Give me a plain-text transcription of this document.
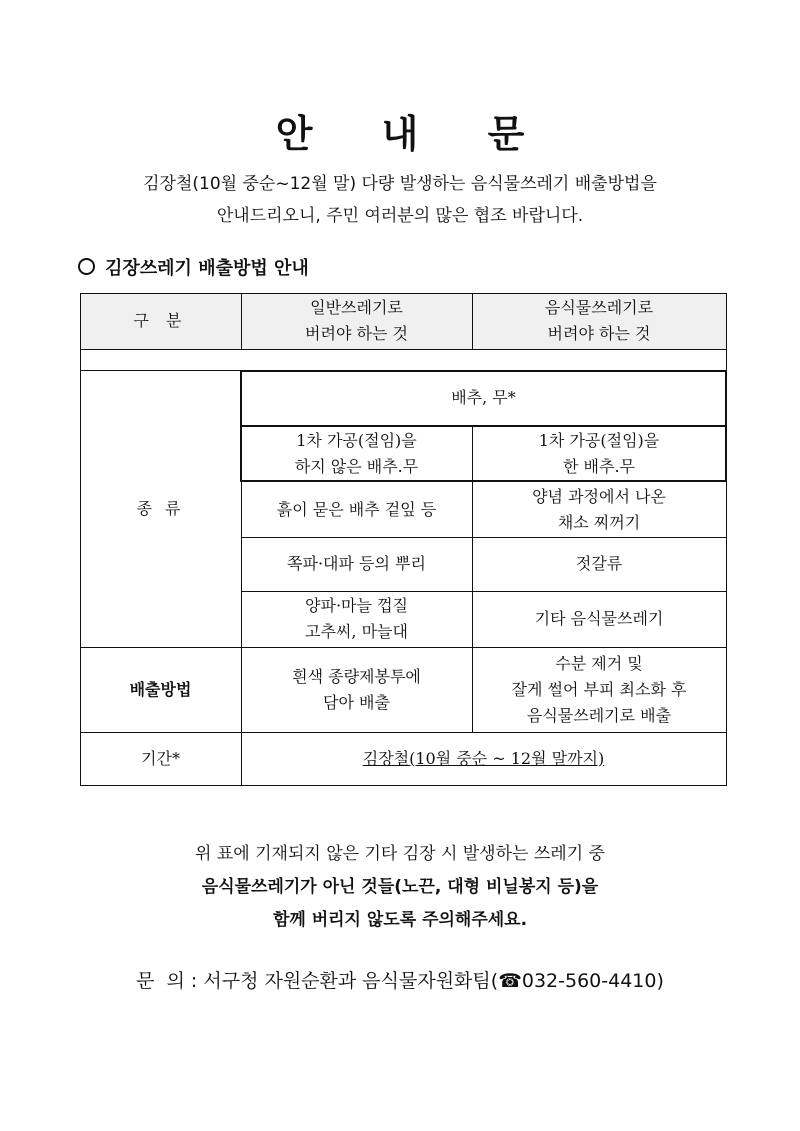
안 내 문
김장철(10월 중순~12월 말) 다량 발생하는 음식물쓰레기 배출방법을
안내드리오니, 주민 여러분의 많은 협조 바랍니다.
김장쓰레기 배출방법 안내
구 분
일반쓰레기로
버려야 하는 것
음식물쓰레기로
버려야 하는 것
종 류
배추, 무*
1차 가공(절임)을
하지 않은 배추.무
1차 가공(절임)을
한 배추.무
흙이 묻은 배추 겉잎 등
양념 과정에서 나온
채소 찌꺼기
쪽파·대파 등의 뿌리	젓갈류
양파·마늘 껍질
고추씨, 마늘대
기타 음식물쓰레기
배출방법
흰색 종량제봉투에
담아 배출
수분 제거 및
잘게 썰어 부피 최소화 후
음식물쓰레기로 배출
기간*	김장철(10월 중순 ~ 12월 말까지)
위 표에 기재되지 않은 기타 김장 시 발생하는 쓰레기 중
음식물쓰레기가 아닌 것들(노끈, 대형 비닐봉지 등)을
함께 버리지 않도록 주의해주세요.
문  의 : 서구청 자원순환과 음식물자원화팀(☎032-560-4410)
